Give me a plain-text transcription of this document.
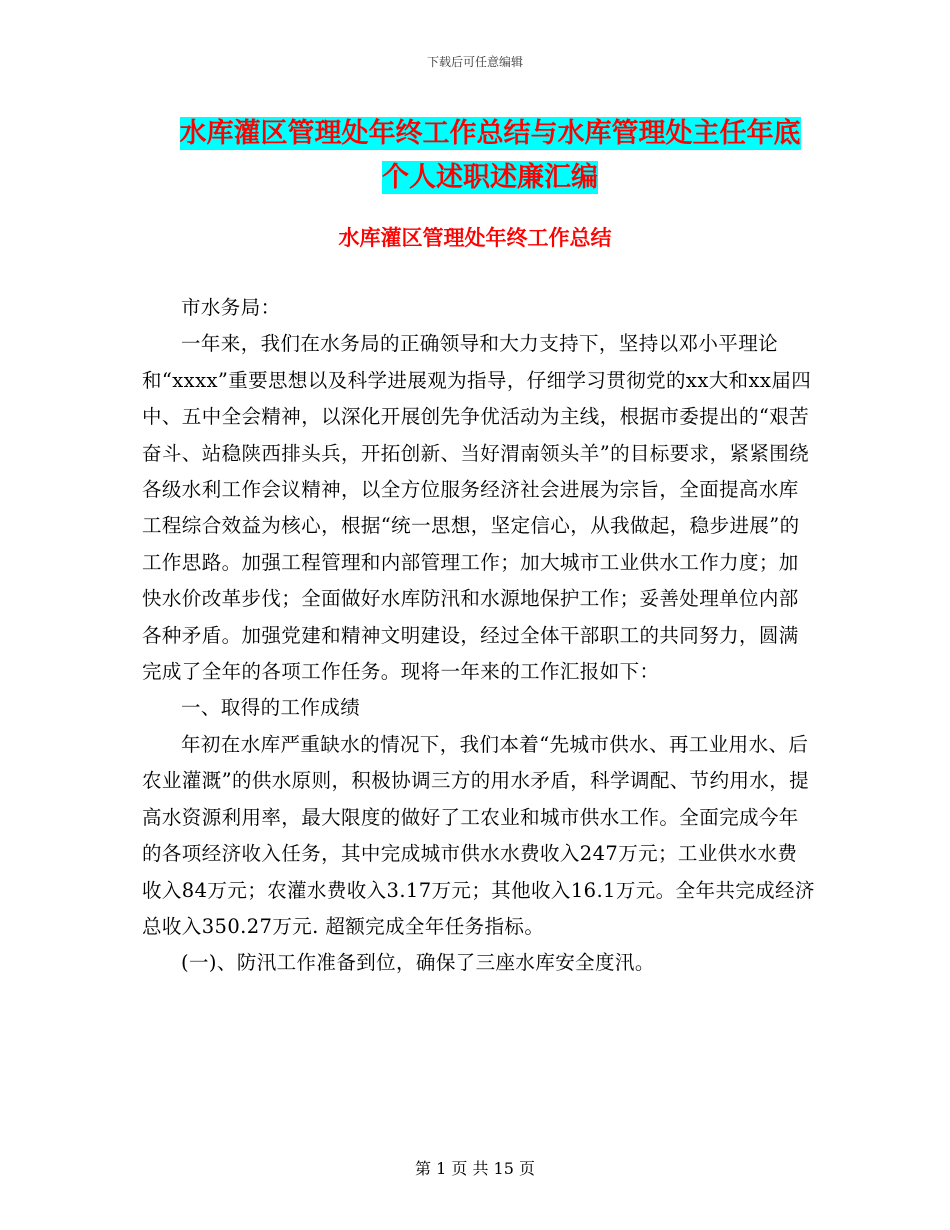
下载后可任意编辑
水库灌区管理处年终工作总结与水库管理处主任年底
个人述职述廉汇编
水库灌区管理处年终工作总结

市水务局：

一年来，我们在水务局的正确领导和大力支持下，坚持以邓小平理论和“xxxx”重要思想以及科学进展观为指导，仔细学习贯彻党的xx大和xx届四中、五中全会精神，以深化开展创先争优活动为主线，根据市委提出的“艰苦奋斗、站稳陕西排头兵，开拓创新、当好渭南领头羊”的目标要求，紧紧围绕各级水利工作会议精神，以全方位服务经济社会进展为宗旨，全面提高水库工程综合效益为核心，根据“统一思想，坚定信心，从我做起，稳步进展”的工作思路。加强工程管理和内部管理工作；加大城市工业供水工作力度；加快水价改革步伐；全面做好水库防汛和水源地保护工作；妥善处理单位内部各种矛盾。加强党建和精神文明建设，经过全体干部职工的共同努力，圆满完成了全年的各项工作任务。现将一年来的工作汇报如下：

一、取得的工作成绩

年初在水库严重缺水的情况下，我们本着“先城市供水、再工业用水、后农业灌溉”的供水原则，积极协调三方的用水矛盾，科学调配、节约用水，提高水资源利用率，最大限度的做好了工农业和城市供水工作。全面完成今年的各项经济收入任务，其中完成城市供水水费收入247万元；工业供水水费收入84万元；农灌水费收入3.17万元；其他收入16.1万元。全年共完成经济总收入350.27万元. 超额完成全年任务指标。

(一)、防汛工作准备到位，确保了三座水库安全度汛。

第 1 页 共 15 页
